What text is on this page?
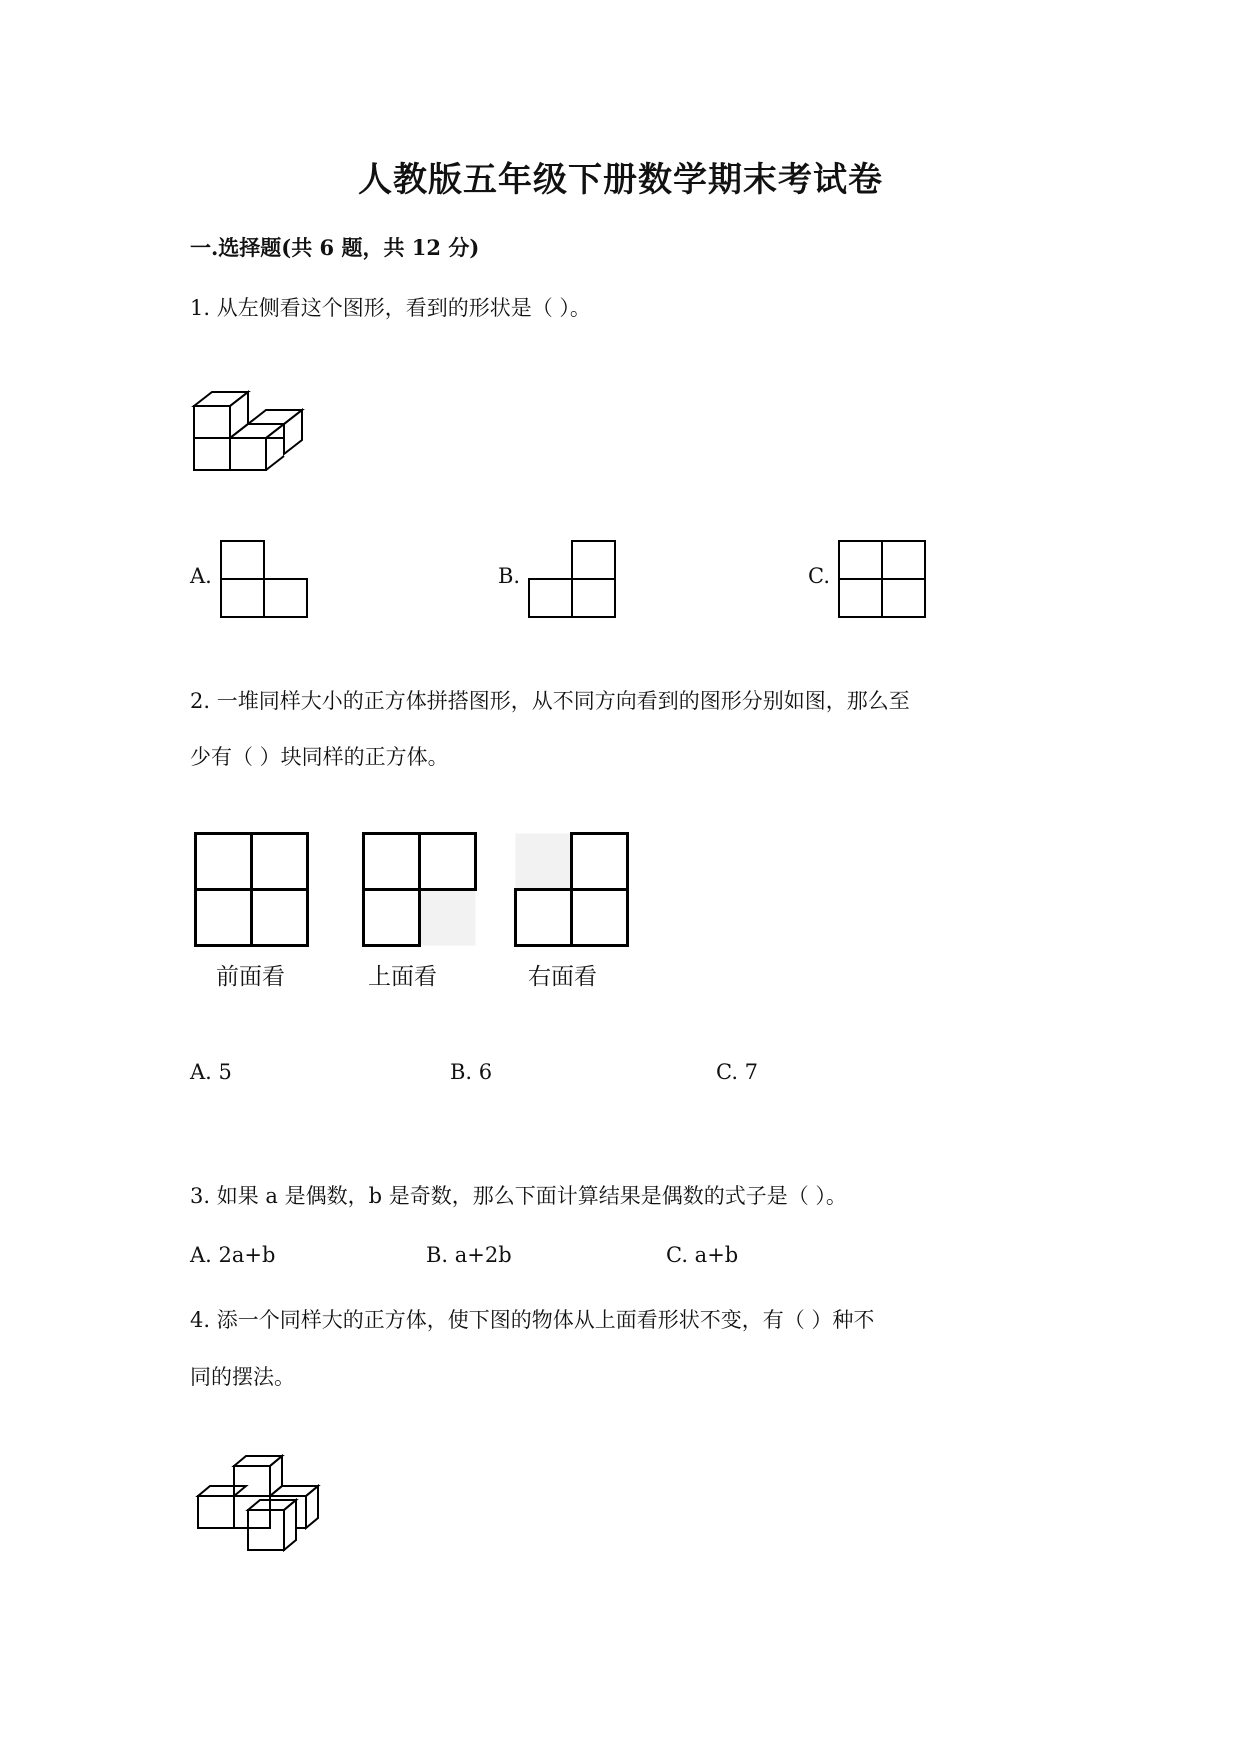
人教版五年级下册数学期末考试卷
一.选择题(共 6 题，共 12 分)
1. 从左侧看这个图形，看到的形状是（ ）。
A.	B.	C.
2. 一堆同样大小的正方体拼搭图形，从不同方向看到的图形分别如图，那么至
少有（ ）块同样的正方体。
前面看	上面看	右面看
A. 5	B. 6	C. 7
3. 如果 a 是偶数，b 是奇数，那么下面计算结果是偶数的式子是（ ）。
A. 2a+b	B. a+2b	C. a+b
4. 添一个同样大的正方体，使下图的物体从上面看形状不变，有（ ）种不
同的摆法。
